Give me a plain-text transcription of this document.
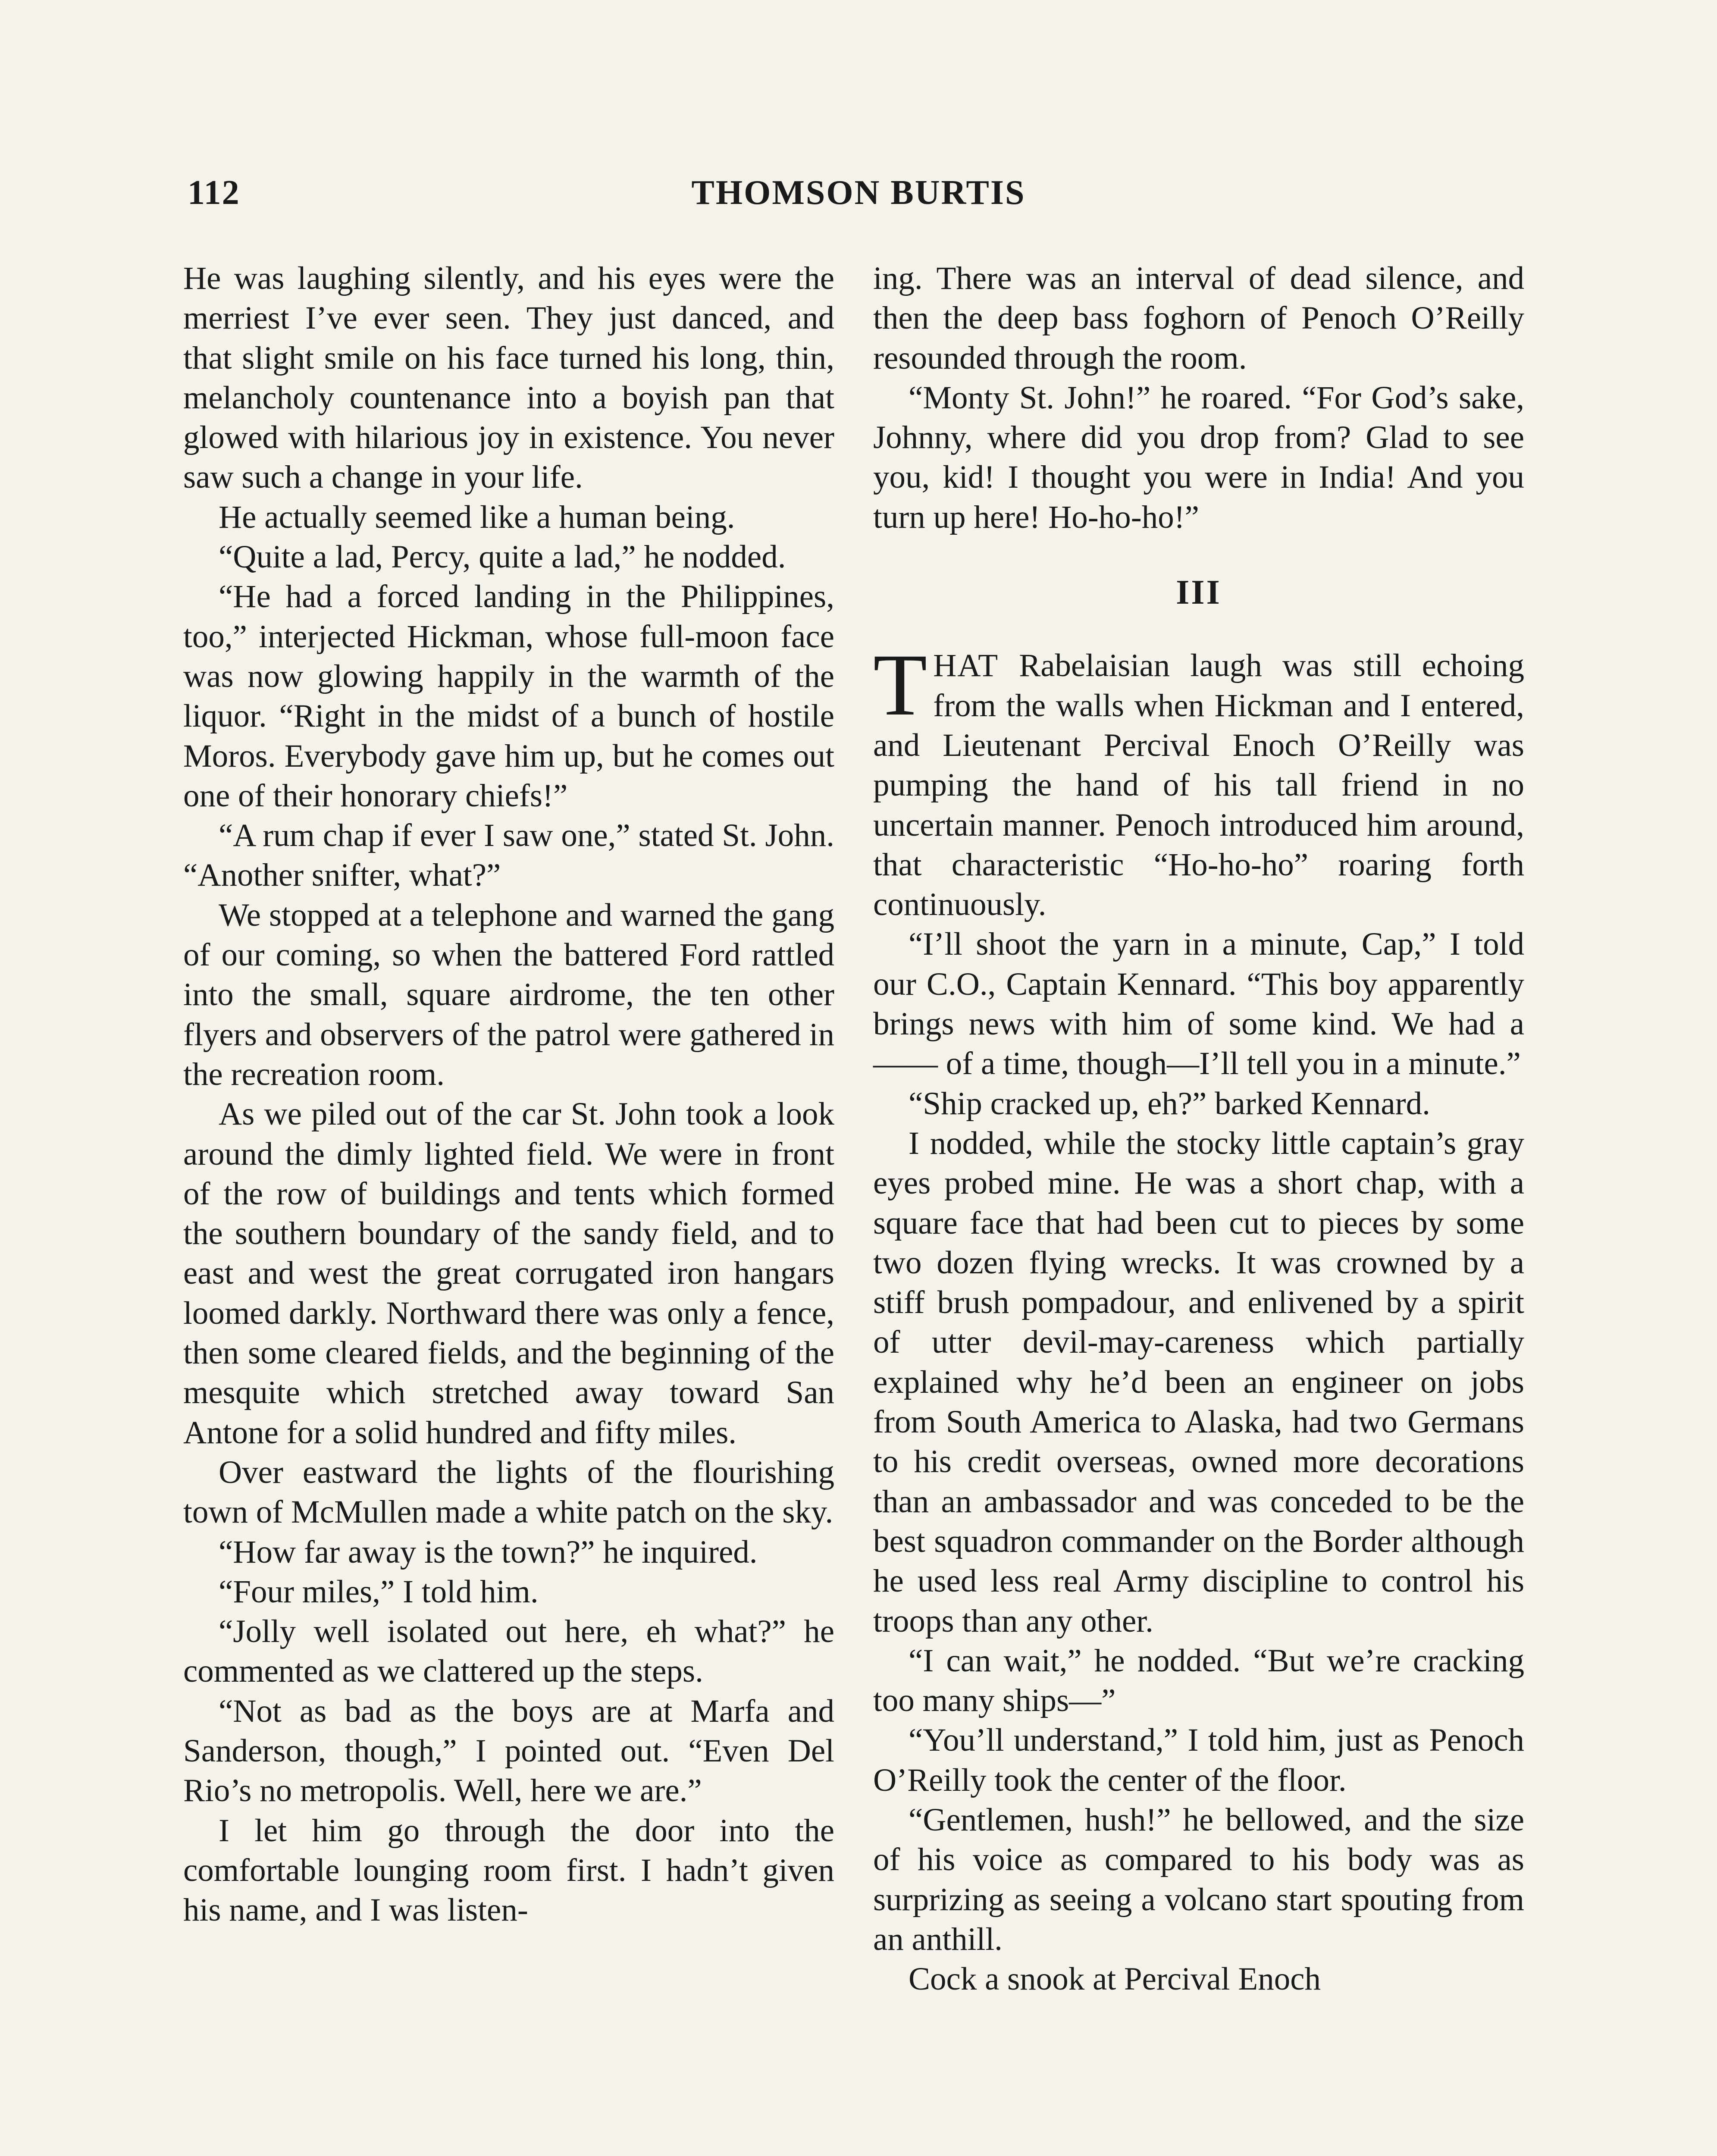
112	THOMSON BURTIS

He was laughing silently, and his eyes were the merriest I’ve ever seen. They just danced, and that slight smile on his face turned his long, thin, melancholy countenance into a boyish pan that glowed with hilarious joy in existence. You never saw such a change in your life.

He actually seemed like a human being.

“Quite a lad, Percy, quite a lad,” he nodded.

“He had a forced landing in the Philippines, too,” interjected Hickman, whose full-moon face was now glowing happily in the warmth of the liquor. “Right in the midst of a bunch of hostile Moros. Everybody gave him up, but he comes out one of their honorary chiefs!”

“A rum chap if ever I saw one,” stated St. John. “Another snifter, what?”

We stopped at a telephone and warned the gang of our coming, so when the battered Ford rattled into the small, square airdrome, the ten other flyers and observers of the patrol were gathered in the recreation room.

As we piled out of the car St. John took a look around the dimly lighted field. We were in front of the row of buildings and tents which formed the southern boundary of the sandy field, and to east and west the great corrugated iron hangars loomed darkly. Northward there was only a fence, then some cleared fields, and the beginning of the mesquite which stretched away toward San Antone for a solid hundred and fifty miles.

Over eastward the lights of the flourishing town of McMullen made a white patch on the sky.

“How far away is the town?” he inquired.

“Four miles,” I told him.

“Jolly well isolated out here, eh what?” he commented as we clattered up the steps.

“Not as bad as the boys are at Marfa and Sanderson, though,” I pointed out. “Even Del Rio’s no metropolis. Well, here we are.”

I let him go through the door into the comfortable lounging room first. I hadn’t given his name, and I was listen-

ing. There was an interval of dead silence, and then the deep bass foghorn of Penoch O’Reilly resounded through the room.

“Monty St. John!” he roared. “For God’s sake, Johnny, where did you drop from? Glad to see you, kid! I thought you were in India! And you turn up here! Ho-ho-ho!”

III

THAT Rabelaisian laugh was still echoing from the walls when Hickman and I entered, and Lieutenant Percival Enoch O’Reilly was pumping the hand of his tall friend in no uncertain manner. Penoch introduced him around, that characteristic “Ho-ho-ho” roaring forth continuously.

“I’ll shoot the yarn in a minute, Cap,” I told our C.O., Captain Kennard. “This boy apparently brings news with him of some kind. We had a —— of a time, though—I’ll tell you in a minute.”

“Ship cracked up, eh?” barked Kennard.

I nodded, while the stocky little captain’s gray eyes probed mine. He was a short chap, with a square face that had been cut to pieces by some two dozen flying wrecks. It was crowned by a stiff brush pompadour, and enlivened by a spirit of utter devil-may-careness which partially explained why he’d been an engineer on jobs from South America to Alaska, had two Germans to his credit overseas, owned more decorations than an ambassador and was conceded to be the best squadron commander on the Border although he used less real Army discipline to control his troops than any other.

“I can wait,” he nodded. “But we’re cracking too many ships—”

“You’ll understand,” I told him, just as Penoch O’Reilly took the center of the floor.

“Gentlemen, hush!” he bellowed, and the size of his voice as compared to his body was as surprizing as seeing a volcano start spouting from an anthill.

Cock a snook at Percival Enoch
